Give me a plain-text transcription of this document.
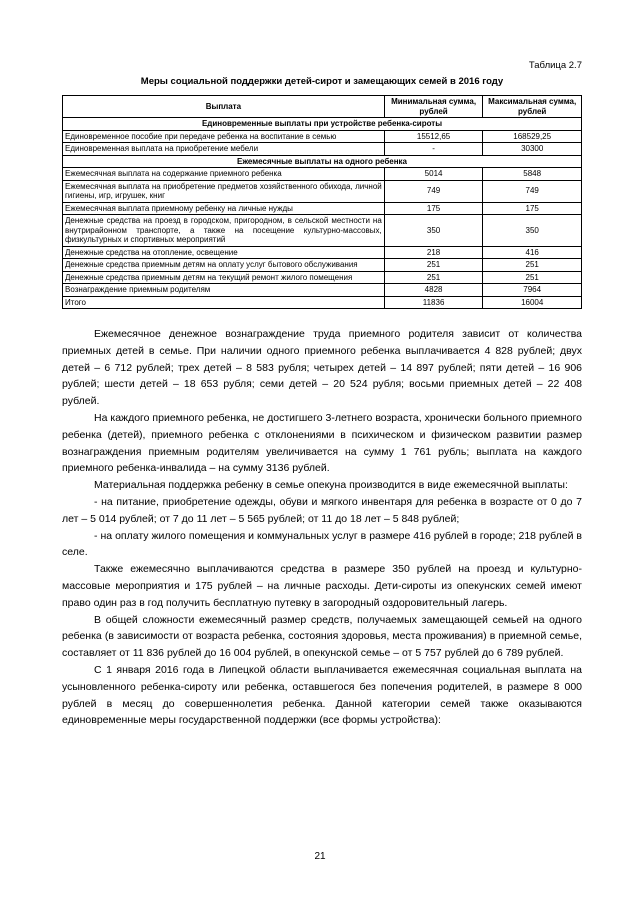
Таблица 2.7
Меры социальной поддержки детей-сирот и замещающих семей в 2016 году
Выплата	Минимальная сумма, рублей	Максимальная сумма, рублей
Единовременные выплаты при устройстве ребенка-сироты		
Единовременное пособие при передаче ребенка на воспитание в семью	15512,65	168529,25
Единовременная выплата на приобретение мебели	-	30300
Ежемесячные выплаты на одного ребенка		
Ежемесячная выплата на содержание приемного ребенка	5014	5848
Ежемесячная выплата на приобретение предметов хозяйственного обихода, личной гигиены, игр, игрушек, книг	749	749
Ежемесячная выплата приемному ребенку на личные нужды	175	175
Денежные средства на проезд в городском, пригородном, в сельской местности на внутрирайонном транспорте, а также на посещение культурно-массовых, физкультурных и спортивных мероприятий	350	350
Денежные средства на отопление, освещение	218	416
Денежные средства приемным детям на оплату услуг бытового обслуживания	251	251
Денежные средства приемным детям на текущий ремонт жилого помещения	251	251
Вознаграждение приемным родителям	4828	7964
Итого	11836	16004

Ежемесячное денежное вознаграждение труда приемного родителя зависит от количества приемных детей в семье. При наличии одного приемного ребенка выплачивается 4 828 рублей; двух детей – 6 712 рублей; трех детей – 8 583 рубля; четырех детей – 14 897 рублей; пяти детей – 16 906 рублей; шести детей – 18 653 рубля; семи детей – 20 524 рубля; восьми приемных детей – 22 408 рублей.

На каждого приемного ребенка, не достигшего 3-летнего возраста, хронически больного приемного ребенка (детей), приемного ребенка с отклонениями в психическом и физическом развитии размер вознаграждения приемным родителям увеличивается на сумму 1 761 рубль; выплата на каждого приемного ребенка-инвалида – на сумму 3136 рублей.

Материальная поддержка ребенку в семье опекуна производится в виде ежемесячной выплаты:

- на питание, приобретение одежды, обуви и мягкого инвентаря для ребенка в возрасте от 0 до 7 лет – 5 014 рублей; от 7 до 11 лет – 5 565 рублей; от 11 до 18 лет – 5 848 рублей;

- на оплату жилого помещения и коммунальных услуг в размере 416 рублей в городе; 218 рублей в селе.

Также ежемесячно выплачиваются средства в размере 350 рублей на проезд и культурно-массовые мероприятия и 175 рублей – на личные расходы. Дети-сироты из опекунских семей имеют право один раз в год получить бесплатную путевку в загородный оздоровительный лагерь.

В общей сложности ежемесячный размер средств, получаемых замещающей семьей на одного ребенка (в зависимости от возраста ребенка, состояния здоровья, места проживания) в приемной семье, составляет от 11 836 рублей до 16 004 рублей, в опекунской семье – от 5 757 рублей до 6 789 рублей.

С 1 января 2016 года в Липецкой области выплачивается ежемесячная социальная выплата на усыновленного ребенка-сироту или ребенка, оставшегося без попечения родителей, в размере 8 000 рублей в месяц до совершеннолетия ребенка. Данной категории семей также оказываются единовременные меры государственной поддержки (все формы устройства):

21
